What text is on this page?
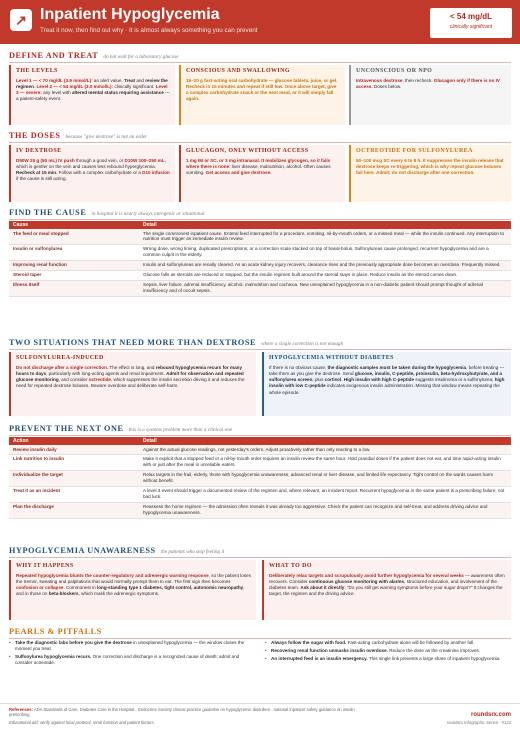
↗ Inpatient Hypoglycemia
Treat it now, then find out why · It is almost always something you can prevent
< 54 mg/dL
clinically significant
DEFINE AND TREAT do not wait for a laboratory glucose
THE LEVELS

Level 1 — < 70 mg/dL (3.9 mmol/L): an alert value. Treat and review the regimen. Level 2 — < 54 mg/dL (3.0 mmol/L): clinically significant. Level 3 — severe: any level with altered mental status requiring assistance — a patient-safety event.

CONSCIOUS AND SWALLOWING

15–20 g fast-acting oral carbohydrate — glucose tablets, juice, or gel. Recheck in 15 minutes and repeat if still low. Once above target, give a complex carbohydrate snack or the next meal, or it will simply fall again.

UNCONSCIOUS OR NPO

Intravenous dextrose, then recheck. Glucagon only if there is no IV access. Doses below.

THE DOSES because "give dextrose" is not an order
IV DEXTROSE

D50W 25 g (50 mL) IV push through a good vein, or D10W 100–250 mL, which is gentler on the vein and causes less rebound hyperglycemia. Recheck at 15 min. Follow with a complex carbohydrate or a D10 infusion if the cause is still acting.

GLUCAGON, ONLY WITHOUT ACCESS

1 mg IM or SC, or 3 mg intranasal. It mobilizes glycogen, so it fails where there is none: liver disease, malnutrition, alcohol. Often causes vomiting. Get access and give dextrose.

OCTREOTIDE FOR SULFONYLUREA

50–100 mcg SC every 6 to 8 h. It suppresses the insulin release that dextrose keeps re-triggering, which is why repeat glucose boluses fail here. Admit; do not discharge after one correction.

FIND THE CAUSE in hospital it is nearly always iatrogenic or situational
Cause	Detail
The feed or meal stopped	The single commonest inpatient cause. Enteral feed interrupted for a procedure, vomiting, nil-by-mouth orders, or a missed meal — while the insulin continued. Any interruption to nutrition must trigger an immediate insulin review.
Insulin or sulfonylurea	Wrong dose, wrong timing, duplicated prescriptions, or a correction scale stacked on top of basal-bolus. Sulfonylureas cause prolonged, recurrent hypoglycemia and are a common culprit in the elderly.
Improving renal function	Insulin and sulfonylureas are renally cleared. As an acute kidney injury recovers, clearance rises and the previously appropriate dose becomes an overdose. Frequently missed.
Steroid taper	Glucose falls as steroids are reduced or stopped, but the insulin regimen built around the steroid stays in place. Reduce insulin as the steroid comes down.
Illness itself	Sepsis, liver failure, adrenal insufficiency, alcohol, malnutrition and cachexia. New unexplained hypoglycemia in a non-diabetic patient should prompt thought of adrenal insufficiency and of occult sepsis.
TWO SITUATIONS THAT NEED MORE THAN DEXTROSE where a single correction is not enough
SULFONYLUREA-INDUCED

Do not discharge after a single correction. The effect is long, and rebound hypoglycemia recurs for many hours to days, particularly with long-acting agents and renal impairment. Admit for observation and repeated glucose monitoring, and consider octreotide, which suppresses the insulin secretion driving it and reduces the need for repeated dextrose boluses. Beware overdose and deliberate self-harm.

HYPOGLYCEMIA WITHOUT DIABETES

If there is no obvious cause, the diagnostic samples must be taken during the hypoglycemia, before treating — take them as you give the dextrose. Send glucose, insulin, C-peptide, proinsulin, beta-hydroxybutyrate, and a sulfonylurea screen, plus cortisol. High insulin with high C-peptide suggests insulinoma or a sulfonylurea; high insulin with low C-peptide indicates exogenous insulin administration. Missing that window means repeating the whole episode.

PREVENT THE NEXT ONE this is a systems problem more than a clinical one
Action	Detail
Review insulin daily	Against the actual glucose readings, not yesterday's orders. Adjust proactively rather than only reacting to a low.
Link nutrition to insulin	Make it explicit that a stopped feed or a nil-by-mouth order requires an insulin review the same hour. Hold prandial doses if the patient does not eat, and time rapid-acting insulin with or just after the meal in unreliable eaters.
Individualize the target	Relax targets in the frail, elderly, those with hypoglycemia unawareness, advanced renal or liver disease, and limited life expectancy. Tight control on the wards causes harm without benefit.
Treat it as an incident	A level 3 event should trigger a documented review of the regimen and, where relevant, an incident report. Recurrent hypoglycemia in the same patient is a prescribing failure, not bad luck.
Plan the discharge	Reassess the home regimen — the admission often reveals it was already too aggressive. Check the patient can recognize and self-treat, and address driving advice and hypoglycemia unawareness.
HYPOGLYCEMIA UNAWARENESS the patients who stop feeling it
WHY IT HAPPENS

Repeated hypoglycemia blunts the counter-regulatory and adrenergic warning response, so the patient loses the tremor, sweating and palpitations that would normally prompt them to eat. The first sign then becomes confusion or collapse. Commonest in long-standing type 1 diabetes, tight control, autonomic neuropathy, and in those on beta-blockers, which mask the adrenergic symptoms.

WHAT TO DO

Deliberately relax targets and scrupulously avoid further hypoglycemia for several weeks — awareness often recovers. Consider continuous glucose monitoring with alarms, structured education, and involvement of the diabetes team. Ask about it directly: "Do you still get warning symptoms before your sugar drops?" It changes the target, the regimen and the driving advice.

PEARLS & PITFALLS
• Take the diagnostic labs before you give the dextrose in unexplained hypoglycemia — the window closes the moment you treat.
• Sulfonylurea hypoglycemia recurs. One correction and discharge is a recognized cause of death; admit and consider octreotide.
• Always follow the sugar with food. Fast-acting carbohydrate alone will be followed by another fall.
• Recovering renal function unmasks insulin overdose. Reduce the dose as the creatinine improves.
• An interrupted feed is an insulin emergency. This single link prevents a large share of inpatient hypoglycemia.
References: ADA Standards of Care, Diabetes Care in the Hospital · Endocrine Society clinical practice guideline on hypoglycemic disorders · national inpatient safety guidance on insulin prescribing.
Educational aid; verify against local protocol, renal function and patient factors.
roundsrx.com
roundsrx Infographic Series · #123
